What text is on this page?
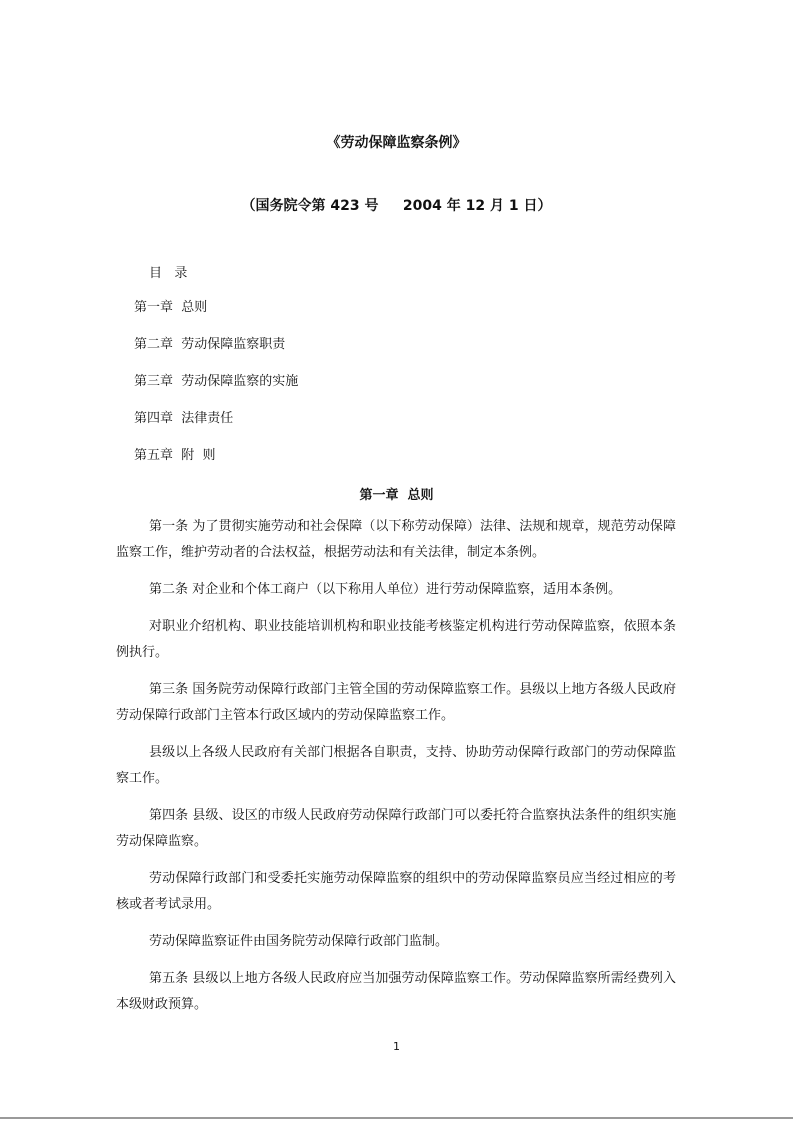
《劳动保障监察条例》
（国务院令第 423 号     2004 年 12 月 1 日）
目   录
第一章  总则
第二章  劳动保障监察职责
第三章  劳动保障监察的实施
第四章  法律责任
第五章  附  则
第一章  总则

第一条 为了贯彻实施劳动和社会保障（以下称劳动保障）法律、法规和规章，规范劳动保障监察工作，维护劳动者的合法权益，根据劳动法和有关法律，制定本条例。

第二条 对企业和个体工商户（以下称用人单位）进行劳动保障监察，适用本条例。

对职业介绍机构、职业技能培训机构和职业技能考核鉴定机构进行劳动保障监察，依照本条例执行。

第三条 国务院劳动保障行政部门主管全国的劳动保障监察工作。县级以上地方各级人民政府劳动保障行政部门主管本行政区域内的劳动保障监察工作。

县级以上各级人民政府有关部门根据各自职责，支持、协助劳动保障行政部门的劳动保障监察工作。

第四条 县级、设区的市级人民政府劳动保障行政部门可以委托符合监察执法条件的组织实施劳动保障监察。

劳动保障行政部门和受委托实施劳动保障监察的组织中的劳动保障监察员应当经过相应的考核或者考试录用。

劳动保障监察证件由国务院劳动保障行政部门监制。

第五条 县级以上地方各级人民政府应当加强劳动保障监察工作。劳动保障监察所需经费列入本级财政预算。

1
